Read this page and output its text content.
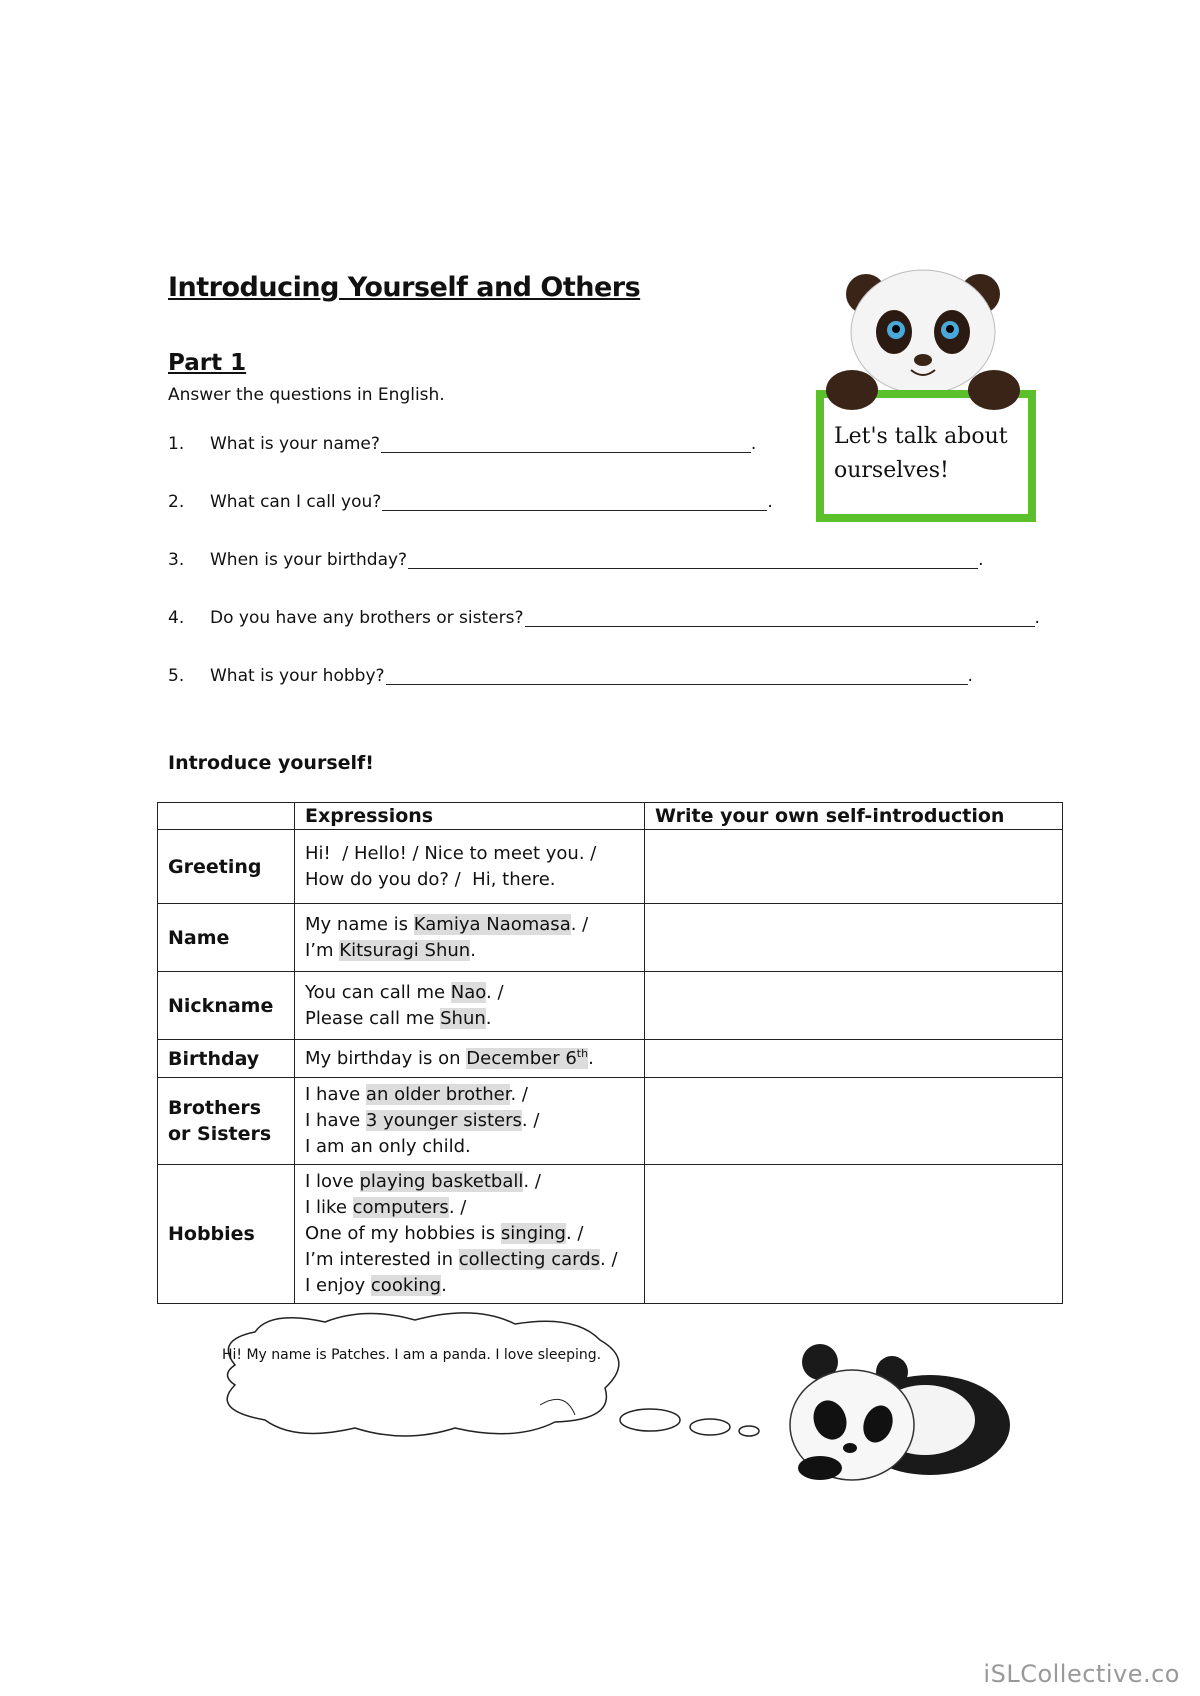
Introducing Yourself and Others
Part 1
Answer the questions in English.
1.	What is your name?	.
2.	What can I call you?	.
3.	When is your birthday?	.
4.	Do you have any brothers or sisters?	.
5.	What is your hobby?	.
Let's talk about ourselves!
Introduce yourself!
	Expressions	Write your own self-introduction
Greeting	Hi!  / Hello! / Nice to meet you. /
How do you do? /  Hi, there.	
Name	My name is Kamiya Naomasa. /
I’m Kitsuragi Shun.	
Nickname	You can call me Nao. /
Please call me Shun.	
Birthday	My birthday is on December 6th.	
Brothers or Sisters	I have an older brother. /
I have 3 younger sisters. /
I am an only child.	
Hobbies	I love playing basketball. /
I like computers. /
One of my hobbies is singing. /
I’m interested in collecting cards. /
I enjoy cooking.	
Hi! My name is Patches. I am a panda. I love sleeping.
iSLCollective.co
